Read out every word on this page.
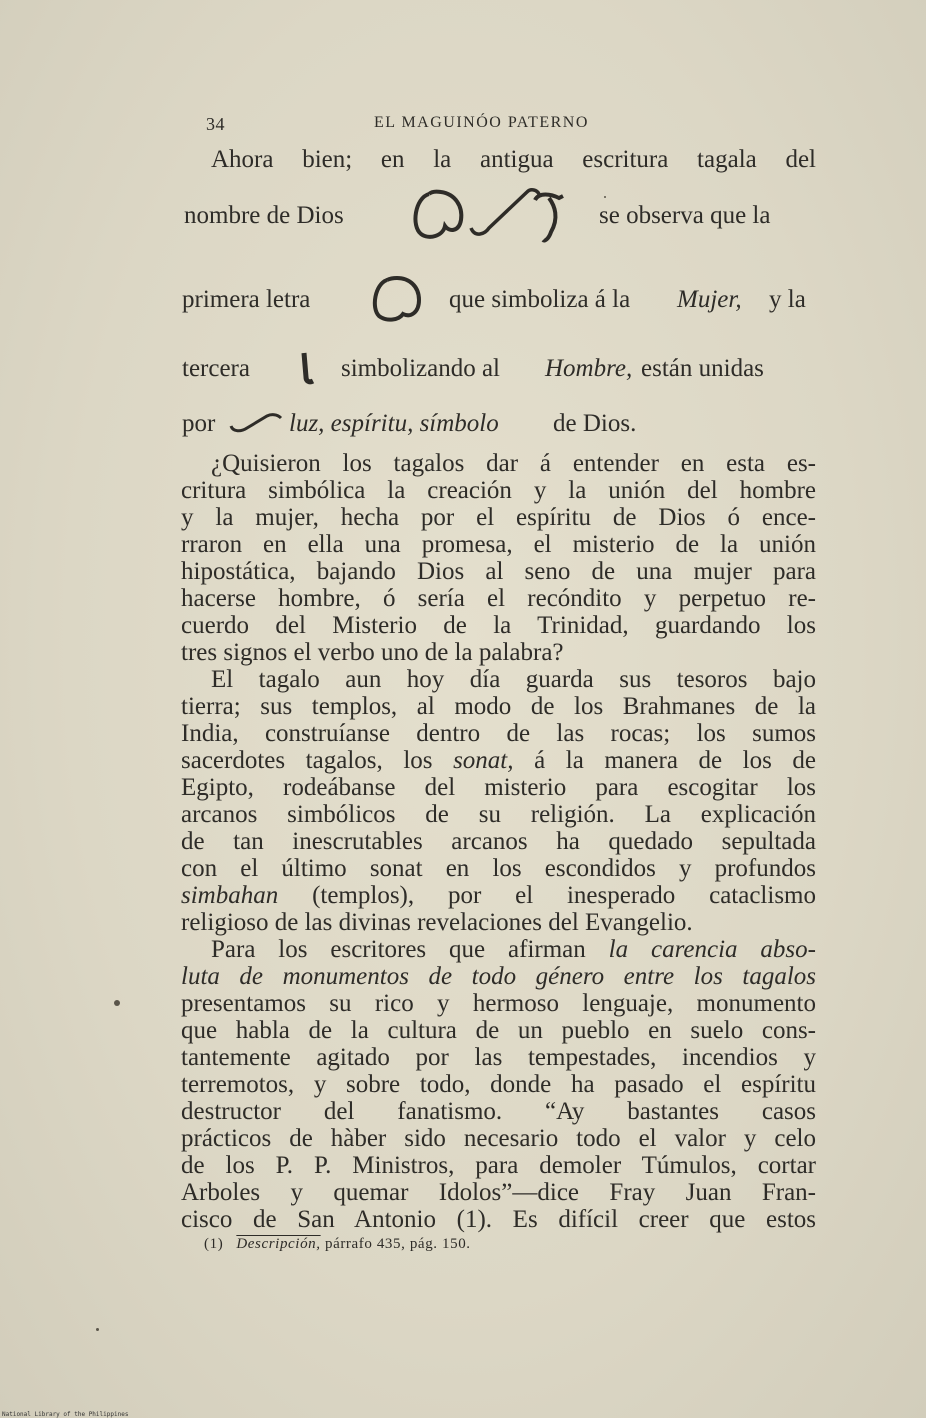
34	EL MAGUINÓO PATERNO
Ahora bien; en la antigua escritura tagala del
nombre de Dios	se observa que la
primera letra	que simboliza á la Mujer, y la
tercera	simbolizando al Hombre, están unidas
por	luz, espíritu, símbolo de Dios.
¿Quisieron los tagalos dar á entender en esta es-
critura simbólica la creación y la unión del hombre
y la mujer, hecha por el espíritu de Dios ó ence-
rraron en ella una promesa, el misterio de la unión
hipostática, bajando Dios al seno de una mujer para
hacerse hombre, ó sería el recóndito y perpetuo re-
cuerdo del Misterio de la Trinidad, guardando los
tres signos el verbo uno de la palabra?
El tagalo aun hoy día guarda sus tesoros bajo
tierra; sus templos, al modo de los Brahmanes de la
India, construíanse dentro de las rocas; los sumos
sacerdotes tagalos, los sonat, á la manera de los de
Egipto, rodeábanse del misterio para escogitar los
arcanos simbólicos de su religión. La explicación
de tan inescrutables arcanos ha quedado sepultada
con el último sonat en los escondidos y profundos
simbahan (templos), por el inesperado cataclismo
religioso de las divinas revelaciones del Evangelio.
Para los escritores que afirman la carencia abso-
luta de monumentos de todo género entre los tagalos
presentamos su rico y hermoso lenguaje, monumento
que habla de la cultura de un pueblo en suelo cons-
tantemente agitado por las tempestades, incendios y
terremotos, y sobre todo, donde ha pasado el espíritu
destructor del fanatismo. “Ay bastantes casos
prácticos de hàber sido necesario todo el valor y celo
de los P. P. Ministros, para demoler Túmulos, cortar
Arboles y quemar Idolos”—dice Fray Juan Fran-
cisco de San Antonio (1). Es difícil creer que estos
(1) Descripción, párrafo 435, pág. 150.
National Library of the Philippines
